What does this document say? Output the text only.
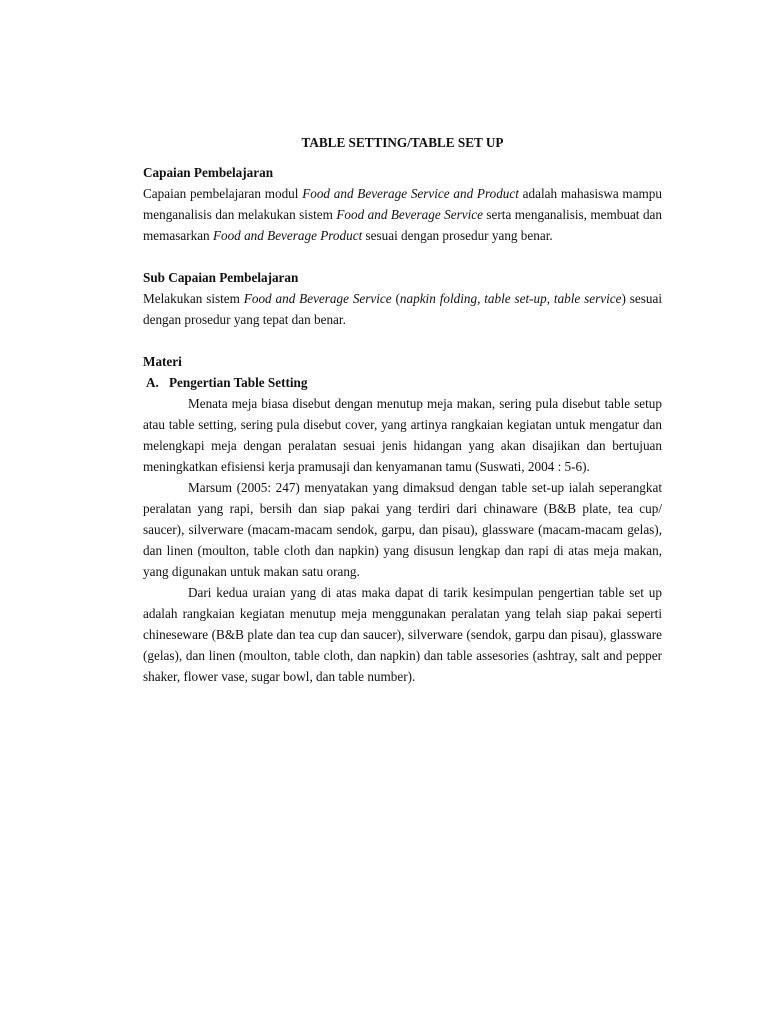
TABLE SETTING/TABLE SET UP
Capaian Pembelajaran

Capaian pembelajaran modul Food and Beverage Service and Product adalah mahasiswa mampu menganalisis dan melakukan sistem Food and Beverage Service serta menganalisis, membuat dan memasarkan Food and Beverage Product sesuai dengan prosedur yang benar.

Sub Capaian Pembelajaran

Melakukan sistem Food and Beverage Service (napkin folding, table set-up, table service) sesuai dengan prosedur yang tepat dan benar.

Materi
A. Pengertian Table Setting

Menata meja biasa disebut dengan menutup meja makan, sering pula disebut table setup atau table setting, sering pula disebut cover, yang artinya rangkaian kegiatan untuk mengatur dan melengkapi meja dengan peralatan sesuai jenis hidangan yang akan disajikan dan bertujuan meningkatkan efisiensi kerja pramusaji dan kenyamanan tamu (Suswati, 2004 : 5-6).

Marsum (2005: 247) menyatakan yang dimaksud dengan table set-up ialah seperangkat peralatan yang rapi, bersih dan siap pakai yang terdiri dari chinaware (B&B plate, tea cup/ saucer), silverware (macam-macam sendok, garpu, dan pisau), glassware (macam-macam gelas), dan linen (moulton, table cloth dan napkin) yang disusun lengkap dan rapi di atas meja makan, yang digunakan untuk makan satu orang.

Dari kedua uraian yang di atas maka dapat di tarik kesimpulan pengertian table set up adalah rangkaian kegiatan menutup meja menggunakan peralatan yang telah siap pakai seperti chineseware (B&B plate dan tea cup dan saucer), silverware (sendok, garpu dan pisau), glassware (gelas), dan linen (moulton, table cloth, dan napkin) dan table assesories (ashtray, salt and pepper shaker, flower vase, sugar bowl, dan table number).
